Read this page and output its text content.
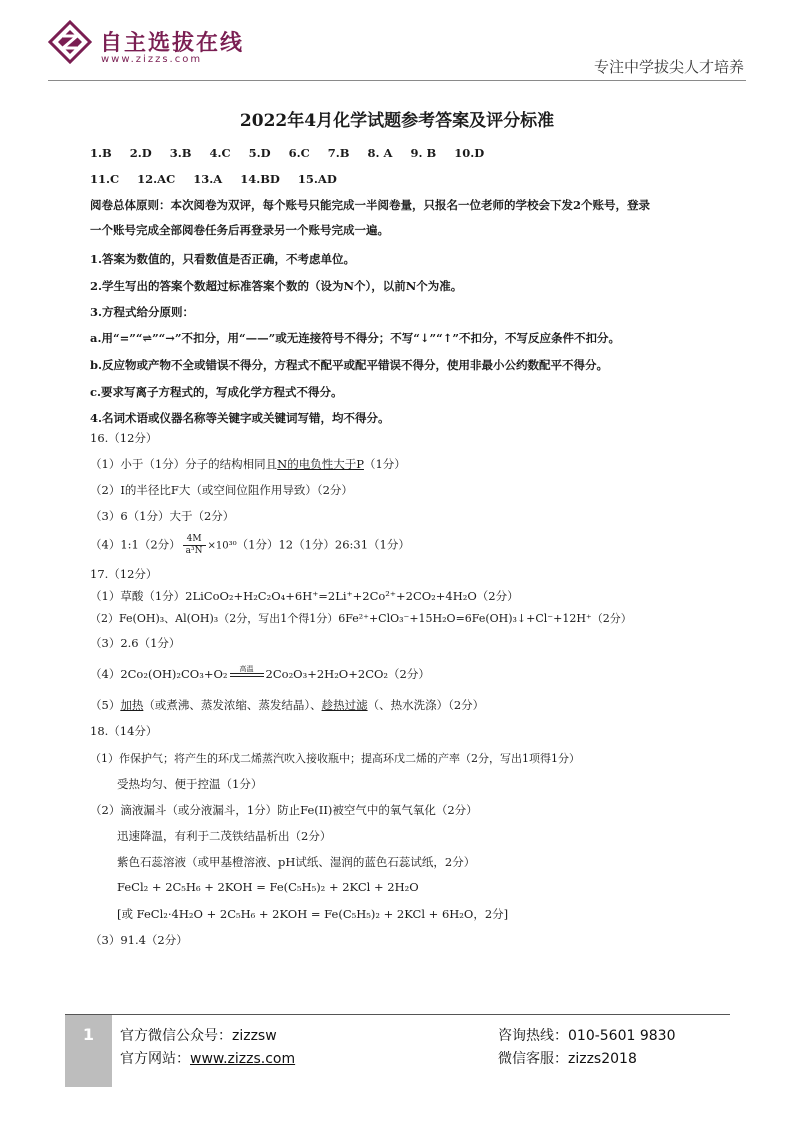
自主选拔在线
www.zizzs.com	专注中学拔尖人才培养
2022年4月化学试题参考答案及评分标准
1.B 2.D 3.B 4.C 5.D 6.C 7.B 8. A 9. B 10.D
11.C 12.AC 13.A 14.BD 15.AD
阅卷总体原则：本次阅卷为双评，每个账号只能完成一半阅卷量，只报名一位老师的学校会下发2个账号，登录
一个账号完成全部阅卷任务后再登录另一个账号完成一遍。
1.答案为数值的，只看数值是否正确，不考虑单位。
2.学生写出的答案个数超过标准答案个数的（设为N个），以前N个为准。
3.方程式给分原则：
a.用“=”“⇌”“→”不扣分，用“——”或无连接符号不得分；不写“↓”“↑”不扣分，不写反应条件不扣分。
b.反应物或产物不全或错误不得分，方程式不配平或配平错误不得分，使用非最小公约数配平不得分。
c.要求写离子方程式的，写成化学方程式不得分。
4.名词术语或仪器名称等关键字或关键词写错，均不得分。
16.（12分）
（1）小于（1分）分子的结构相同且N的电负性大于P（1分）
（2）I的半径比F大（或空间位阻作用导致）（2分）
（3）6（1分）大于（2分）
（4）1:1（2分） $\frac{4M}{\text{a³N}} \times 10^{30}(1$分）12（1分）26:31（1分）
17.（12分）
（1）草酸（1分）2LiCoO₂+H₂C₂O₄+6H⁺=2Li⁺+2Co²⁺+2CO₂+4H₂O（2分）
（2）Fe(OH)₃、Al(OH)₃（2分，写出1个得1分）6Fe²⁺+ClO₃⁻+15H₂O=6Fe(OH)₃↓+Cl⁻+12H⁺（2分）
（3）2.6（1分）
（4）2Co₂(OH)₂CO₃+O₂	高温	2Co₂O₃+2H₂O+2CO₂（2分）
（5）加热（或煮沸、蒸发浓缩、蒸发结晶）、趁热过滤（、热水洗涤）（2分）
18.（14分）
（1）作保护气；将产生的环戊二烯蒸汽吹入接收瓶中；提高环戊二烯的产率（2分，写出1项得1分）
受热均匀、便于控温（1分）
（2）滴液漏斗（或分液漏斗，1分）防止Fe(II)被空气中的氧气氧化（2分）
迅速降温，有利于二茂铁结晶析出（2分）
紫色石蕊溶液（或甲基橙溶液、pH试纸、湿润的蓝色石蕊试纸，2分）
FeCl₂ + 2C₅H₆ + 2KOH = Fe(C₅H₅)₂ + 2KCl + 2H₂O
[或 FeCl₂·4H₂O + 2C₅H₆ + 2KOH = Fe(C₅H₅)₂ + 2KCl + 6H₂O，2分]
（3）91.4（2分）
1	官方微信公众号：zizzsw
官方网站：www.zizzs.com
咨询热线：010-5601 9830
微信客服：zizzs2018
